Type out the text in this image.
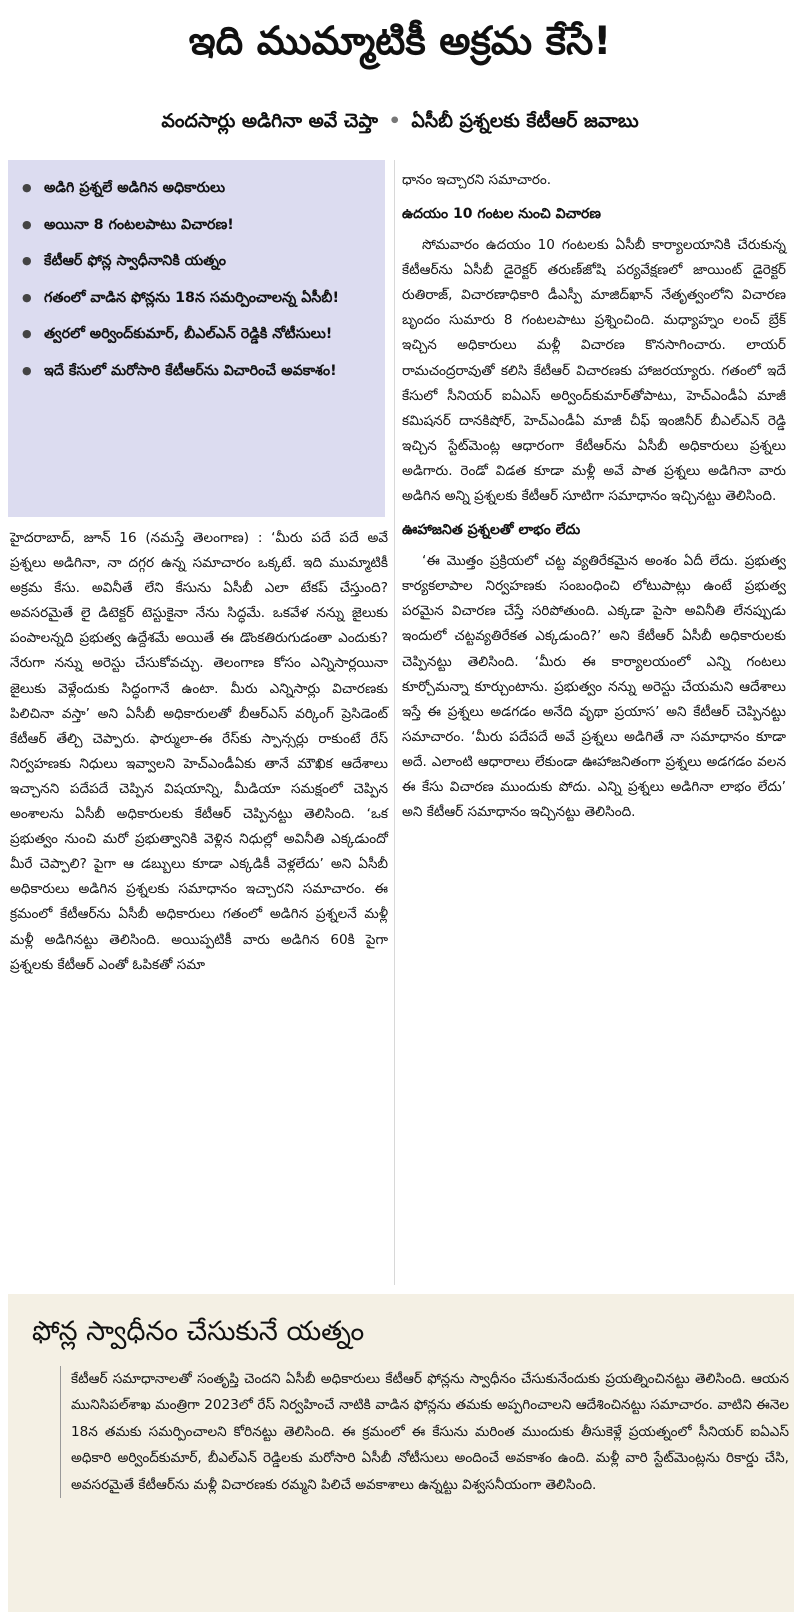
ఇది ముమ్మాటికీ అక్రమ కేసే!
వందసార్లు అడిగినా అవే చెప్తా • ఏసీబీ ప్రశ్నలకు కేటీఆర్ జవాబు
● అడిగి ప్రశ్నలే అడిగిన అధికారులు
● అయినా 8 గంటలపాటు విచారణ!
● కేటీఆర్ ఫోన్ల స్వాధీనానికి యత్నం
● గతంలో వాడిన ఫోన్లను 18న సమర్పించాలన్న ఏసీబీ!
● త్వరలో అర్వింద్‌కుమార్, బీఎల్ఎన్ రెడ్డికి నోటీసులు!
● ఇదే కేసులో మరోసారి కేటీఆర్‌ను విచారించే అవకాశం!

హైదరాబాద్, జూన్ 16 (నమస్తే తెలంగాణ) : ‘మీరు పదే పదే అవే ప్రశ్నలు అడిగినా, నా దగ్గర ఉన్న సమాచారం ఒక్కటే. ఇది ముమ్మాటికీ అక్రమ కేసు. అవినీతే లేని కేసును ఏసీబీ ఎలా టేకప్ చేస్తుంది? అవసరమైతే లై డిటెక్టర్ టెస్టుకైనా నేను సిద్ధమే. ఒకవేళ నన్ను జైలుకు పంపాలన్నది ప్రభుత్వ ఉద్దేశమే అయితే ఈ డొంకతిరుగుడంతా ఎందుకు? నేరుగా నన్ను అరెస్టు చేసుకోవచ్చు. తెలంగాణ కోసం ఎన్నిసార్లయినా జైలుకు వెళ్లేందుకు సిద్ధంగానే ఉంటా. మీరు ఎన్నిసార్లు విచారణకు పిలిచినా వస్తా’ అని ఏసీబీ అధికారులతో బీఆర్ఎస్ వర్కింగ్ ప్రెసిడెంట్ కేటీఆర్ తేల్చి చెప్పారు. ఫార్ములా-ఈ రేస్‌కు స్పాన్సర్లు రాకుంటే రేస్ నిర్వహణకు నిధులు ఇవ్వాలని హెచ్ఎండీఏకు తానే మౌఖిక ఆదేశాలు ఇచ్చానని పదేపదే చెప్పిన విషయాన్ని, మీడియా సమక్షంలో చెప్పిన అంశాలను ఏసీబీ అధికారులకు కేటీఆర్ చెప్పినట్టు తెలిసింది. ‘ఒక ప్రభుత్వం నుంచి మరో ప్రభుత్వానికి వెళ్లిన నిధుల్లో అవినీతి ఎక్కడుందో మీరే చెప్పాలి? పైగా ఆ డబ్బులు కూడా ఎక్కడికీ వెళ్లలేదు’ అని ఏసీబీ అధికారులు అడిగిన ప్రశ్నలకు సమాధానం ఇచ్చారని సమాచారం. ఈ క్రమంలో కేటీఆర్‌ను ఏసీబీ అధికారులు గతంలో అడిగిన ప్రశ్నలనే మళ్లీ మళ్లీ అడిగినట్టు తెలిసింది. అయిప్పటికీ వారు అడిగిన 60కి పైగా ప్రశ్నలకు కేటీఆర్ ఎంతో ఓపికతో సమా

ధానం ఇచ్చారని సమాచారం.

ఉదయం 10 గంటల నుంచి విచారణ

సోమవారం ఉదయం 10 గంటలకు ఏసీబీ కార్యాలయానికి చేరుకున్న కేటీఆర్‌ను ఏసీబీ డైరెక్టర్ తరుణ్‌జోషి పర్యవేక్షణలో జాయింట్ డైరెక్టర్ రుతిరాజ్, విచారణాధికారి డీఎస్పీ మాజిద్‌ఖాన్ నేతృత్వంలోని విచారణ బృందం సుమారు 8 గంటలపాటు ప్రశ్నించింది. మధ్యాహ్నం లంచ్ బ్రేక్ ఇచ్చిన అధికారులు మళ్లీ విచారణ కొనసాగించారు. లాయర్ రామచంద్రరావుతో కలిసి కేటీఆర్ విచారణకు హాజరయ్యారు. గతంలో ఇదే కేసులో సీనియర్ ఐఏఎస్ అర్వింద్‌కుమార్‌తోపాటు, హెచ్ఎండీఏ మాజీ కమిషనర్ దానకిషోర్, హెచ్ఎండీఏ మాజీ చీఫ్ ఇంజినీర్ బీఎల్ఎన్ రెడ్డి ఇచ్చిన స్టేట్‌మెంట్ల ఆధారంగా కేటీఆర్‌ను ఏసీబీ అధికారులు ప్రశ్నలు అడిగారు. రెండో విడత కూడా మళ్లీ అవే పాత ప్రశ్నలు అడిగినా వారు అడిగిన అన్ని ప్రశ్నలకు కేటీఆర్ సూటిగా సమాధానం ఇచ్చినట్టు తెలిసింది.

ఊహాజనిత ప్రశ్నలతో లాభం లేదు

‘ఈ మొత్తం ప్రక్రియలో చట్ట వ్యతిరేకమైన అంశం ఏదీ లేదు. ప్రభుత్వ కార్యకలాపాల నిర్వహణకు సంబంధించి లోటుపాట్లు ఉంటే ప్రభుత్వ పరమైన విచారణ చేస్తే సరిపోతుంది. ఎక్కడా పైసా అవినీతి లేనప్పుడు ఇందులో చట్టవ్యతిరేకత ఎక్కడుంది?’ అని కేటీఆర్ ఏసీబీ అధికారులకు చెప్పినట్టు తెలిసింది. ‘మీరు ఈ కార్యాలయంలో ఎన్ని గంటలు కూర్చోమన్నా కూర్చుంటాను. ప్రభుత్వం నన్ను అరెస్టు చేయమని ఆదేశాలు ఇస్తే ఈ ప్రశ్నలు అడగడం అనేది వృథా ప్రయాస’ అని కేటీఆర్ చెప్పినట్టు సమాచారం. ‘మీరు పదేపదే అవే ప్రశ్నలు అడిగితే నా సమాధానం కూడా అదే. ఎలాంటి ఆధారాలు లేకుండా ఊహాజనితంగా ప్రశ్నలు అడగడం వలన ఈ కేసు విచారణ ముందుకు పోదు. ఎన్ని ప్రశ్నలు అడిగినా లాభం లేదు’ అని కేటీఆర్ సమాధానం ఇచ్చినట్టు తెలిసింది.

ఫోన్ల స్వాధీనం చేసుకునే యత్నం

కేటీఆర్ సమాధానాలతో సంతృప్తి చెందని ఏసీబీ అధికారులు కేటీఆర్ ఫోన్లను స్వాధీనం చేసుకునేందుకు ప్రయత్నించినట్టు తెలిసింది. ఆయన మునిసిపల్‌శాఖ మంత్రిగా 2023లో రేస్ నిర్వహించే నాటికి వాడిన ఫోన్లను తమకు అప్పగించాలని ఆదేశించినట్టు సమాచారం. వాటిని ఈనెల 18న తమకు సమర్పించాలని కోరినట్టు తెలిసింది. ఈ క్రమంలో ఈ కేసును మరింత ముందుకు తీసుకెళ్లే ప్రయత్నంలో సీనియర్ ఐఏఎస్ అధికారి అర్వింద్‌కుమార్, బీఎల్ఎన్ రెడ్డిలకు మరోసారి ఏసీబీ నోటీసులు అందించే అవకాశం ఉంది. మళ్లీ వారి స్టేట్‌మెంట్లను రికార్డు చేసి, అవసరమైతే కేటీఆర్‌ను మళ్లీ విచారణకు రమ్మని పిలిచే అవకాశాలు ఉన్నట్టు విశ్వసనీయంగా తెలిసింది.
